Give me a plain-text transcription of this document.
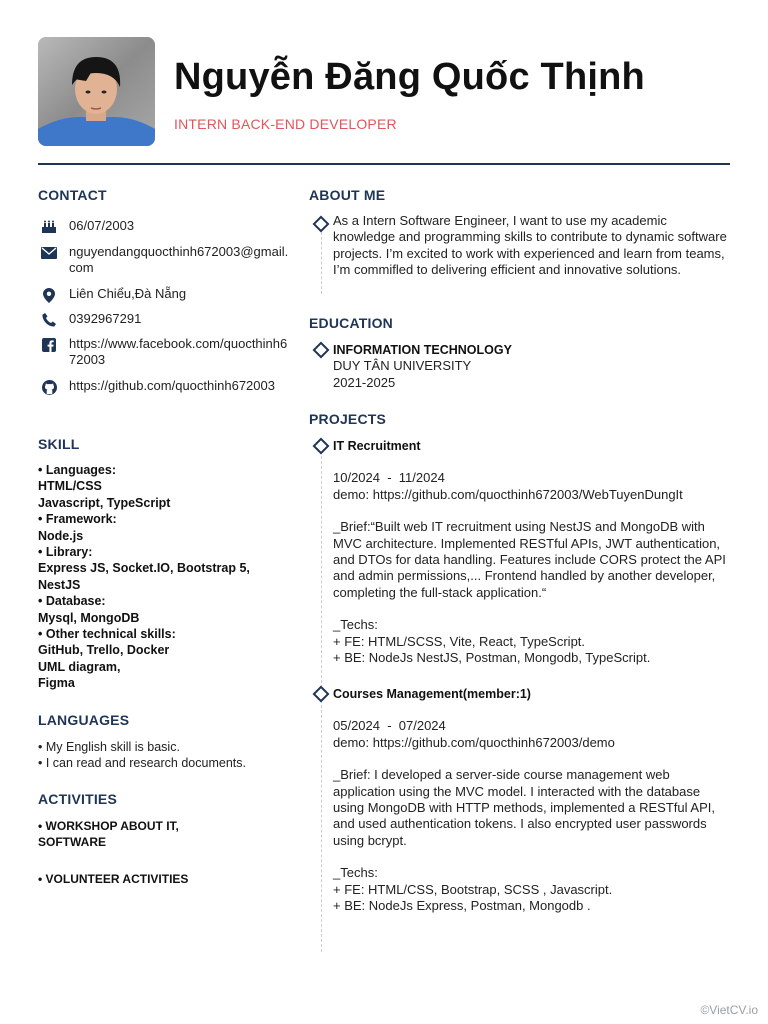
Nguyễn Đăng Quốc Thịnh
INTERN BACK-END DEVELOPER
CONTACT
06/07/2003
nguyendangquocthinh672003@gmail.com
Liên Chiểu,Đà Nẵng
0392967291
https://www.facebook.com/quocthinh672003
https://github.com/quocthinh672003
SKILL
• Languages:
HTML/CSS
Javascript, TypeScript
• Framework:
Node.js
• Library:
Express JS, Socket.IO, Bootstrap 5,
NestJS
• Database:
Mysql, MongoDB
• Other technical skills:
GitHub, Trello, Docker
UML diagram,
Figma
LANGUAGES
• My English skill is basic.
• I can read and research documents.
ACTIVITIES
• WORKSHOP ABOUT IT, SOFTWARE
• VOLUNTEER ACTIVITIES
ABOUT ME
As a Intern Software Engineer, I want to use my academic knowledge and programming skills to contribute to dynamic software projects. I’m excited to work with experienced and learn from teams, I’m commifled to delivering efficient and innovative solutions.
EDUCATION
INFORMATION TECHNOLOGY
DUY TÂN UNIVERSITY
2021-2025
PROJECTS
IT Recruitment
10/2024  -  11/2024
demo: https://github.com/quocthinh672003/WebTuyenDungIt
_Brief:“Built web IT recruitment using NestJS and MongoDB with MVC architecture. Implemented RESTful APIs, JWT authentication, and DTOs for data handling. Features include CORS protect the API and admin permissions,... Frontend handled by another developer, completing the full-stack application.“
_Techs:
+ FE: HTML/SCSS, Vite, React, TypeScript.
+ BE: NodeJs NestJS, Postman, Mongodb, TypeScript.
Courses Management(member:1)
05/2024  -  07/2024
demo: https://github.com/quocthinh672003/demo
_Brief: I developed a server-side course management web application using the MVC model. I interacted with the database using MongoDB with HTTP methods, implemented a RESTful API, and used authentication tokens. I also encrypted user passwords using bcrypt.
_Techs:
+ FE: HTML/CSS, Bootstrap, SCSS , Javascript.
+ BE: NodeJs Express, Postman, Mongodb .
©VietCV.io
